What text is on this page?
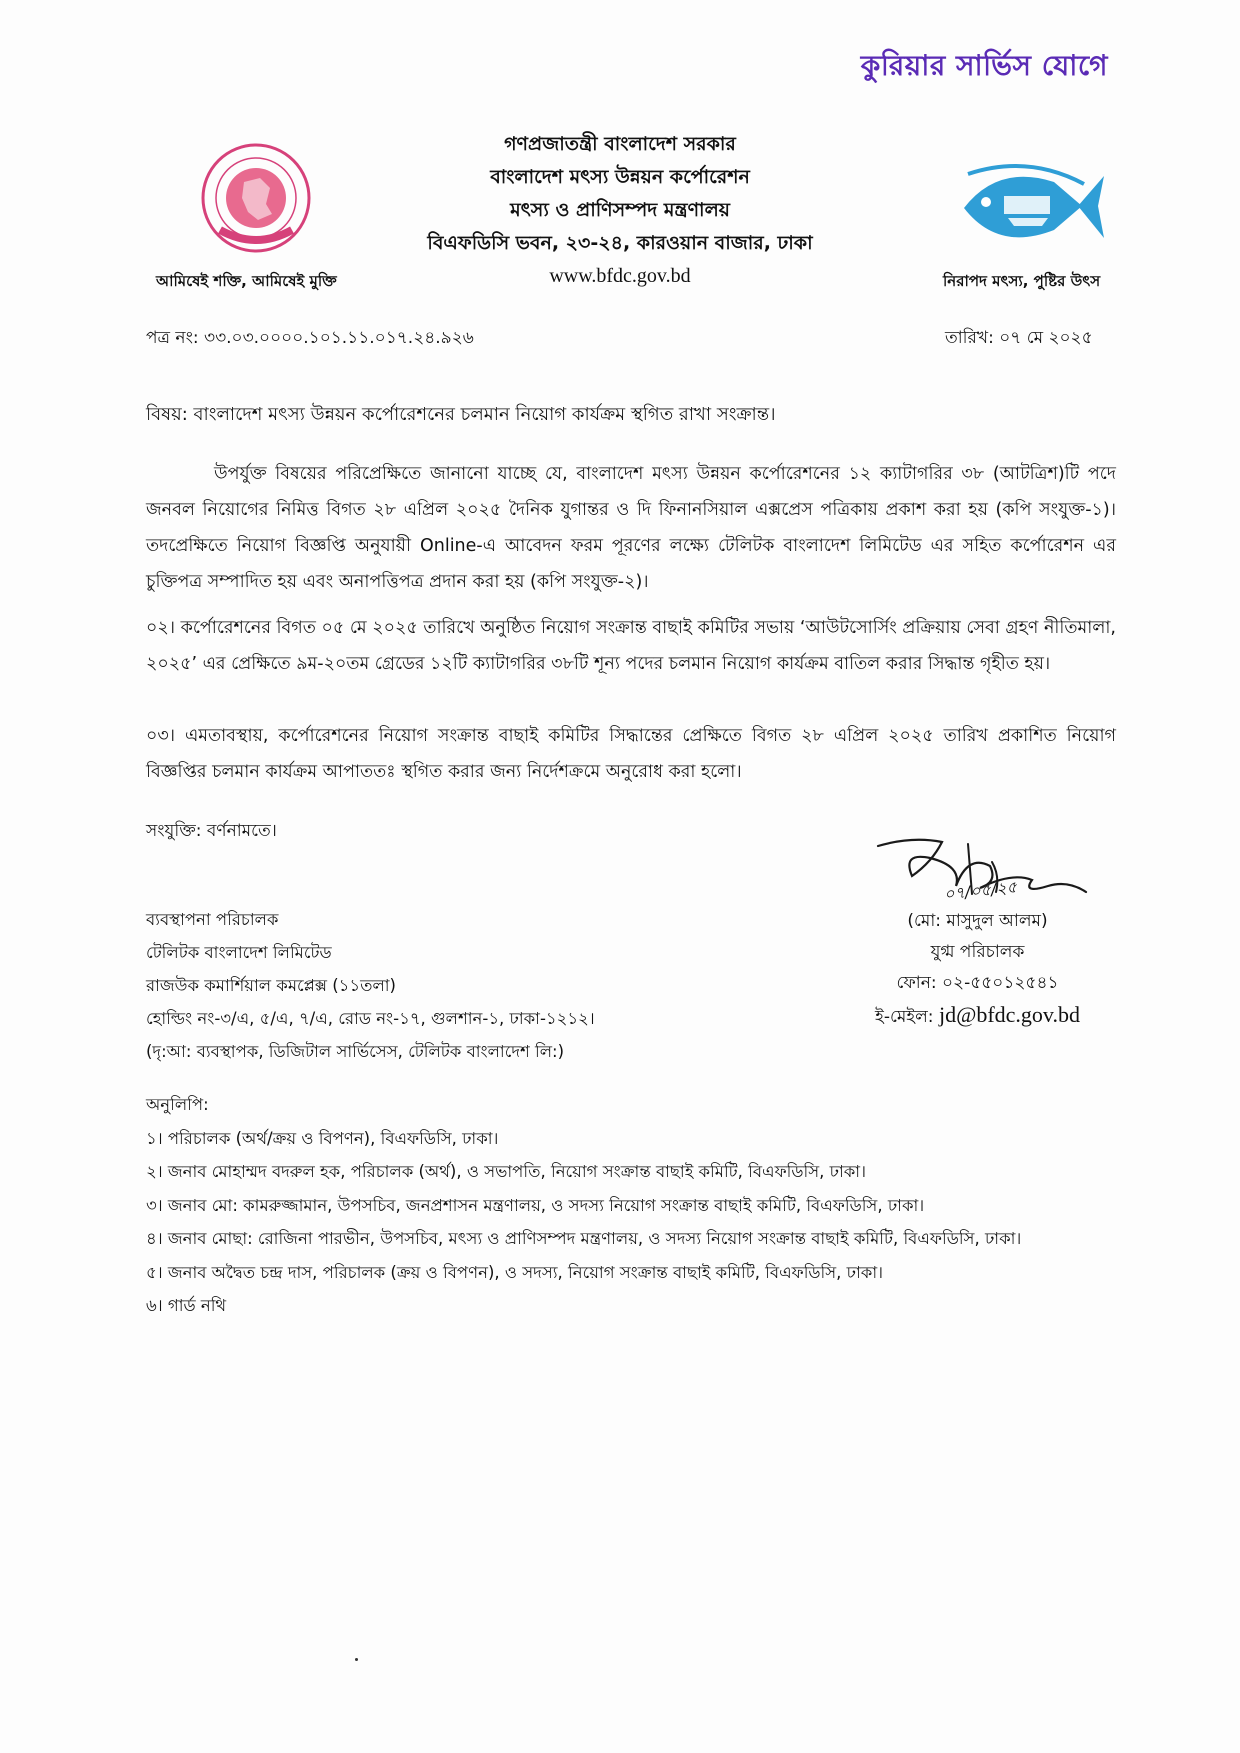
কুরিয়ার সার্ভিস যোগে
গণপ্রজাতন্ত্রী বাংলাদেশ সরকার
বাংলাদেশ মৎস্য উন্নয়ন কর্পোরেশন
মৎস্য ও প্রাণিসম্পদ মন্ত্রণালয়
বিএফডিসি ভবন, ২৩-২৪, কারওয়ান বাজার, ঢাকা
www.bfdc.gov.bd
আমিষেই শক্তি, আমিষেই মুক্তি	নিরাপদ মৎস্য, পুষ্টির উৎস
পত্র নং: ৩৩.০৩.০০০০.১০১.১১.০১৭.২৪.৯২৬	তারিখ: ০৭ মে ২০২৫
বিষয়: বাংলাদেশ মৎস্য উন্নয়ন কর্পোরেশনের চলমান নিয়োগ কার্যক্রম স্থগিত রাখা সংক্রান্ত।
উপর্যুক্ত বিষয়ের পরিপ্রেক্ষিতে জানানো যাচ্ছে যে, বাংলাদেশ মৎস্য উন্নয়ন কর্পোরেশনের ১২ ক্যাটাগরির ৩৮ (আটত্রিশ)টি পদে জনবল নিয়োগের নিমিত্ত বিগত ২৮ এপ্রিল ২০২৫ দৈনিক যুগান্তর ও দি ফিনানসিয়াল এক্সপ্রেস পত্রিকায় প্রকাশ করা হয় (কপি সংযুক্ত-১)। তদপ্রেক্ষিতে নিয়োগ বিজ্ঞপ্তি অনুযায়ী Online-এ আবেদন ফরম পূরণের লক্ষ্যে টেলিটক বাংলাদেশ লিমিটেড এর সহিত কর্পোরেশন এর চুক্তিপত্র সম্পাদিত হয় এবং অনাপত্তিপত্র প্রদান করা হয় (কপি সংযুক্ত-২)।
০২। কর্পোরেশনের বিগত ০৫ মে ২০২৫ তারিখে অনুষ্ঠিত নিয়োগ সংক্রান্ত বাছাই কমিটির সভায় ‘আউটসোর্সিং প্রক্রিয়ায় সেবা গ্রহণ নীতিমালা, ২০২৫’ এর প্রেক্ষিতে ৯ম-২০তম গ্রেডের ১২টি ক্যাটাগরির ৩৮টি শূন্য পদের চলমান নিয়োগ কার্যক্রম বাতিল করার সিদ্ধান্ত গৃহীত হয়।
০৩। এমতাবস্থায়, কর্পোরেশনের নিয়োগ সংক্রান্ত বাছাই কমিটির সিদ্ধান্তের প্রেক্ষিতে বিগত ২৮ এপ্রিল ২০২৫ তারিখ প্রকাশিত নিয়োগ বিজ্ঞপ্তির চলমান কার্যক্রম আপাততঃ স্থগিত করার জন্য নির্দেশক্রমে অনুরোধ করা হলো।
সংযুক্তি: বর্ণনামতে।
০৭/০৫/২৫
(মো: মাসুদুল আলম)
যুগ্ম পরিচালক
ফোন: ০২-৫৫০১২৫৪১
ই-মেইল: jd@bfdc.gov.bd
ব্যবস্থাপনা পরিচালক
টেলিটক বাংলাদেশ লিমিটেড
রাজউক কমার্শিয়াল কমপ্লেক্স (১১তলা)
হোল্ডিং নং-৩/এ, ৫/এ, ৭/এ, রোড নং-১৭, গুলশান-১, ঢাকা-১২১২।
(দৃ:আ: ব্যবস্থাপক, ডিজিটাল সার্ভিসেস, টেলিটক বাংলাদেশ লি:)
অনুলিপি:
১। পরিচালক (অর্থ/ক্রয় ও বিপণন), বিএফডিসি, ঢাকা।
২। জনাব মোহাম্মদ বদরুল হক, পরিচালক (অর্থ), ও সভাপতি, নিয়োগ সংক্রান্ত বাছাই কমিটি, বিএফডিসি, ঢাকা।
৩। জনাব মো: কামরুজ্জামান, উপসচিব, জনপ্রশাসন মন্ত্রণালয়, ও সদস্য নিয়োগ সংক্রান্ত বাছাই কমিটি, বিএফডিসি, ঢাকা।
৪। জনাব মোছা: রোজিনা পারভীন, উপসচিব, মৎস্য ও প্রাণিসম্পদ মন্ত্রণালয়, ও সদস্য নিয়োগ সংক্রান্ত বাছাই কমিটি, বিএফডিসি, ঢাকা।
৫। জনাব অদ্বৈত চন্দ্র দাস, পরিচালক (ক্রয় ও বিপণন), ও সদস্য, নিয়োগ সংক্রান্ত বাছাই কমিটি, বিএফডিসি, ঢাকা।
৬। গার্ড নথি
